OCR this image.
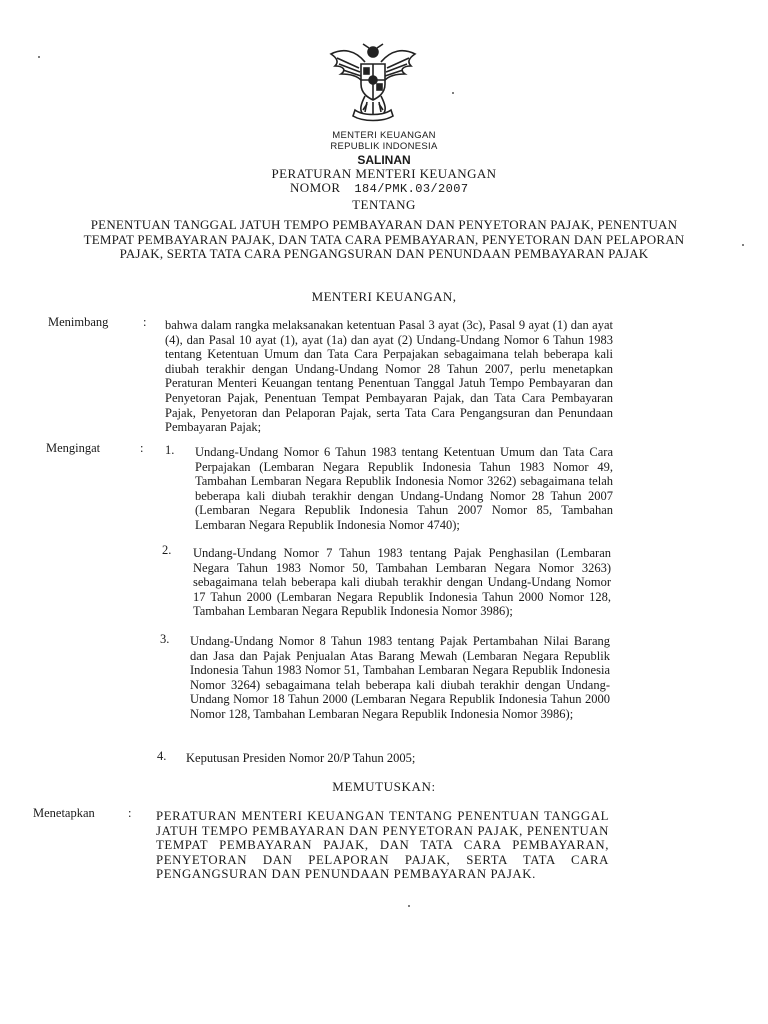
MENTERI KEUANGAN
REPUBLIK INDONESIA
SALINAN
PERATURAN MENTERI KEUANGAN
NOMOR 184/PMK.03/2007
TENTANG
PENENTUAN TANGGAL JATUH TEMPO PEMBAYARAN DAN PENYETORAN PAJAK, PENENTUAN TEMPAT PEMBAYARAN PAJAK, DAN TATA CARA PEMBAYARAN, PENYETORAN DAN PELAPORAN PAJAK, SERTA TATA CARA PENGANGSURAN DAN PENUNDAAN PEMBAYARAN PAJAK
MENTERI KEUANGAN,
Menimbang	: bahwa dalam rangka melaksanakan ketentuan Pasal 3 ayat (3c), Pasal 9 ayat (1) dan ayat (4), dan Pasal 10 ayat (1), ayat (1a) dan ayat (2) Undang-Undang Nomor 6 Tahun 1983 tentang Ketentuan Umum dan Tata Cara Perpajakan sebagaimana telah beberapa kali diubah terakhir dengan Undang-Undang Nomor 28 Tahun 2007, perlu menetapkan Peraturan Menteri Keuangan tentang Penentuan Tanggal Jatuh Tempo Pembayaran dan Penyetoran Pajak, Penentuan Tempat Pembayaran Pajak, dan Tata Cara Pembayaran Pajak, Penyetoran dan Pelaporan Pajak, serta Tata Cara Pengangsuran dan Penundaan Pembayaran Pajak;
Mengingat	: 1. Undang-Undang Nomor 6 Tahun 1983 tentang Ketentuan Umum dan Tata Cara Perpajakan (Lembaran Negara Republik Indonesia Tahun 1983 Nomor 49, Tambahan Lembaran Negara Republik Indonesia Nomor 3262) sebagaimana telah beberapa kali diubah terakhir dengan Undang-Undang Nomor 28 Tahun 2007 (Lembaran Negara Republik Indonesia Tahun 2007 Nomor 85, Tambahan Lembaran Negara Republik Indonesia Nomor 4740);
2. Undang-Undang Nomor 7 Tahun 1983 tentang Pajak Penghasilan (Lembaran Negara Tahun 1983 Nomor 50, Tambahan Lembaran Negara Nomor 3263) sebagaimana telah beberapa kali diubah terakhir dengan Undang-Undang Nomor 17 Tahun 2000 (Lembaran Negara Republik Indonesia Tahun 2000 Nomor 128, Tambahan Lembaran Negara Republik Indonesia Nomor 3986);
3. Undang-Undang Nomor 8 Tahun 1983 tentang Pajak Pertambahan Nilai Barang dan Jasa dan Pajak Penjualan Atas Barang Mewah (Lembaran Negara Republik Indonesia Tahun 1983 Nomor 51, Tambahan Lembaran Negara Republik Indonesia Nomor 3264) sebagaimana telah beberapa kali diubah terakhir dengan Undang-Undang Nomor 18 Tahun 2000 (Lembaran Negara Republik Indonesia Tahun 2000 Nomor 128, Tambahan Lembaran Negara Republik Indonesia Nomor 3986);
4. Keputusan Presiden Nomor 20/P Tahun 2005;
MEMUTUSKAN:
Menetapkan	: PERATURAN MENTERI KEUANGAN TENTANG PENENTUAN TANGGAL JATUH TEMPO PEMBAYARAN DAN PENYETORAN PAJAK, PENENTUAN TEMPAT PEMBAYARAN PAJAK, DAN TATA CARA PEMBAYARAN, PENYETORAN DAN PELAPORAN PAJAK, SERTA TATA CARA PENGANGSURAN DAN PENUNDAAN PEMBAYARAN PAJAK.
